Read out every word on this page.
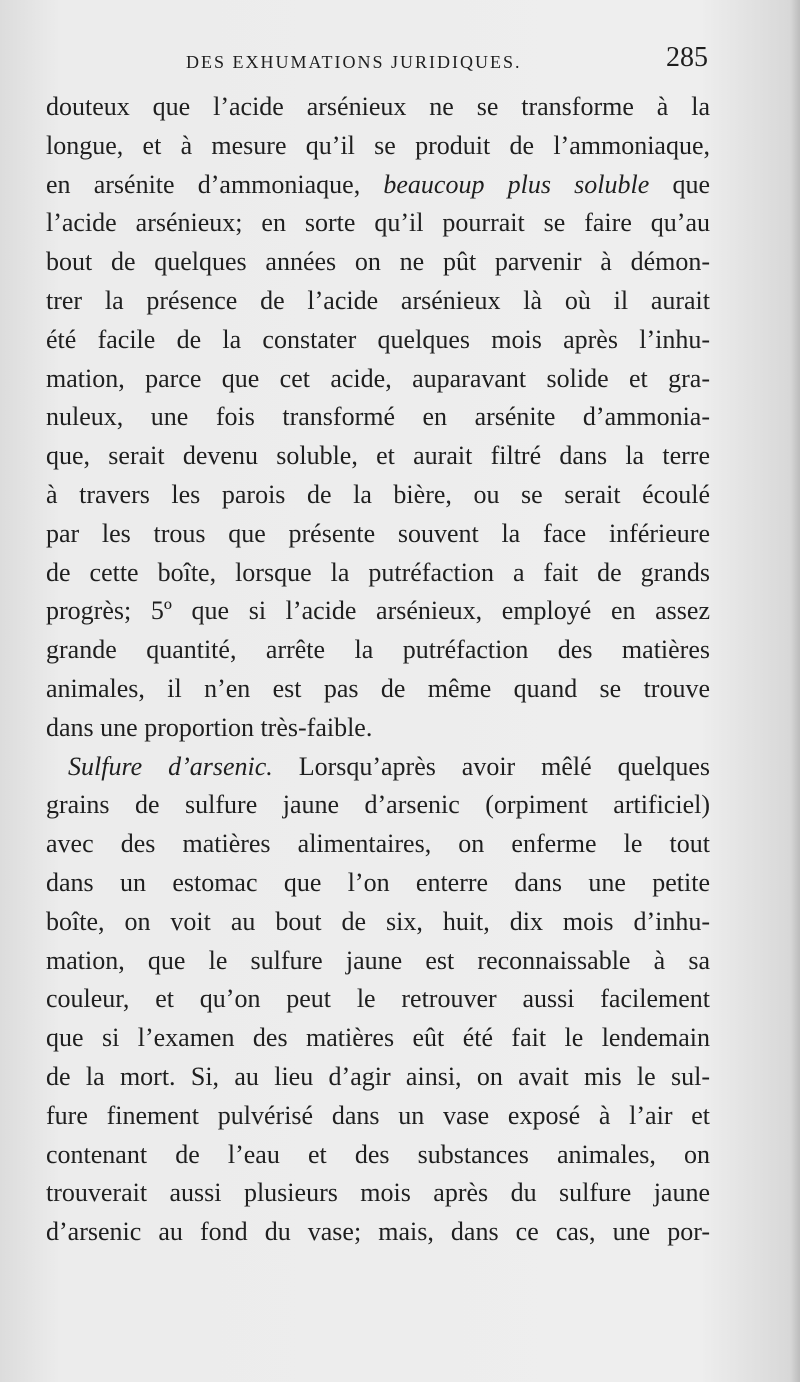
DES EXHUMATIONS JURIDIQUES.	285
douteux que l’acide arsénieux ne se transforme à la
longue, et à mesure qu’il se produit de l’ammoniaque,
en arsénite d’ammoniaque, beaucoup plus soluble que
l’acide arsénieux; en sorte qu’il pourrait se faire qu’au
bout de quelques années on ne pût parvenir à démon-
trer la présence de l’acide arsénieux là où il aurait
été facile de la constater quelques mois après l’inhu-
mation, parce que cet acide, auparavant solide et gra-
nuleux, une fois transformé en arsénite d’ammonia-
que, serait devenu soluble, et aurait filtré dans la terre
à travers les parois de la bière, ou se serait écoulé
par les trous que présente souvent la face inférieure
de cette boîte, lorsque la putréfaction a fait de grands
progrès; 5º que si l’acide arsénieux, employé en assez
grande quantité, arrête la putréfaction des matières
animales, il n’en est pas de même quand se trouve
dans une proportion très-faible.
Sulfure d’arsenic. Lorsqu’après avoir mêlé quelques
grains de sulfure jaune d’arsenic (orpiment artificiel)
avec des matières alimentaires, on enferme le tout
dans un estomac que l’on enterre dans une petite
boîte, on voit au bout de six, huit, dix mois d’inhu-
mation, que le sulfure jaune est reconnaissable à sa
couleur, et qu’on peut le retrouver aussi facilement
que si l’examen des matières eût été fait le lendemain
de la mort. Si, au lieu d’agir ainsi, on avait mis le sul-
fure finement pulvérisé dans un vase exposé à l’air et
contenant de l’eau et des substances animales, on
trouverait aussi plusieurs mois après du sulfure jaune
d’arsenic au fond du vase; mais, dans ce cas, une por-
